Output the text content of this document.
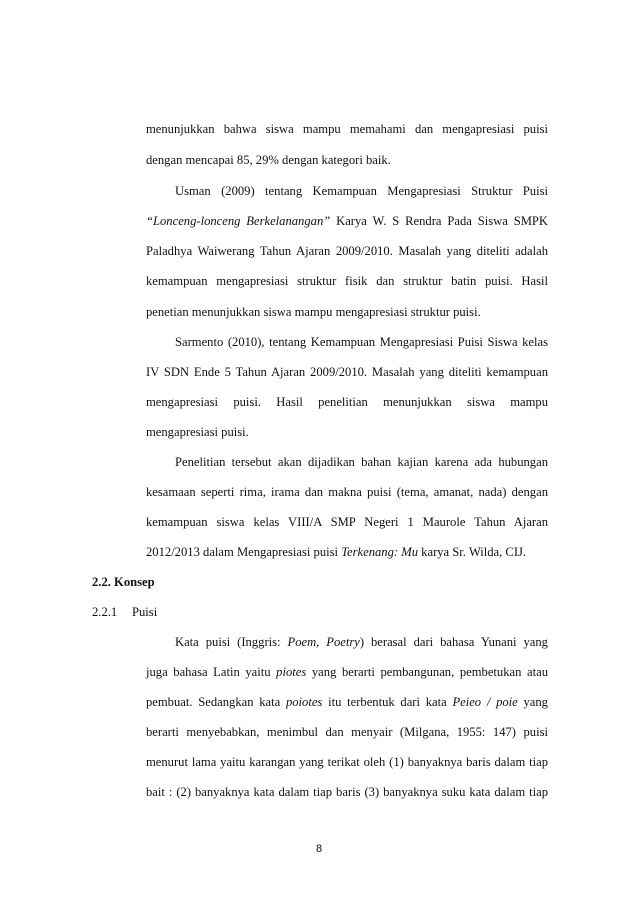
menunjukkan bahwa siswa mampu memahami dan mengapresiasi puisi
dengan mencapai 85, 29% dengan kategori baik.
Usman (2009) tentang Kemampuan Mengapresiasi Struktur Puisi
“Lonceng-lonceng Berkelanangan” Karya W. S Rendra Pada Siswa SMPK
Paladhya Waiwerang Tahun Ajaran 2009/2010. Masalah yang diteliti adalah
kemampuan mengapresiasi struktur fisik dan struktur batin puisi. Hasil
penetian menunjukkan siswa mampu mengapresiasi struktur puisi.
Sarmento (2010), tentang Kemampuan Mengapresiasi Puisi Siswa kelas
IV SDN Ende 5 Tahun Ajaran 2009/2010. Masalah yang diteliti kemampuan
mengapresiasi puisi. Hasil penelitian menunjukkan siswa mampu
mengapresiasi puisi.
Penelitian tersebut akan dijadikan bahan kajian karena ada hubungan
kesamaan seperti rima, irama dan makna puisi (tema, amanat, nada) dengan
kemampuan siswa kelas VIII/A SMP Negeri 1 Maurole Tahun Ajaran
2012/2013 dalam Mengapresiasi puisi Terkenang: Mu karya Sr. Wilda, CIJ.
2.2. Konsep
2.2.1 Puisi
Kata puisi (Inggris: Poem, Poetry) berasal dari bahasa Yunani yang
juga bahasa Latin yaitu piotes yang berarti pembangunan, pembetukan atau
pembuat. Sedangkan kata poiotes itu terbentuk dari kata Peieo / poie yang
berarti menyebabkan, menimbul dan menyair (Milgana, 1955: 147) puisi
menurut lama yaitu karangan yang terikat oleh (1) banyaknya baris dalam tiap
bait : (2) banyaknya kata dalam tiap baris (3) banyaknya suku kata dalam tiap
8
